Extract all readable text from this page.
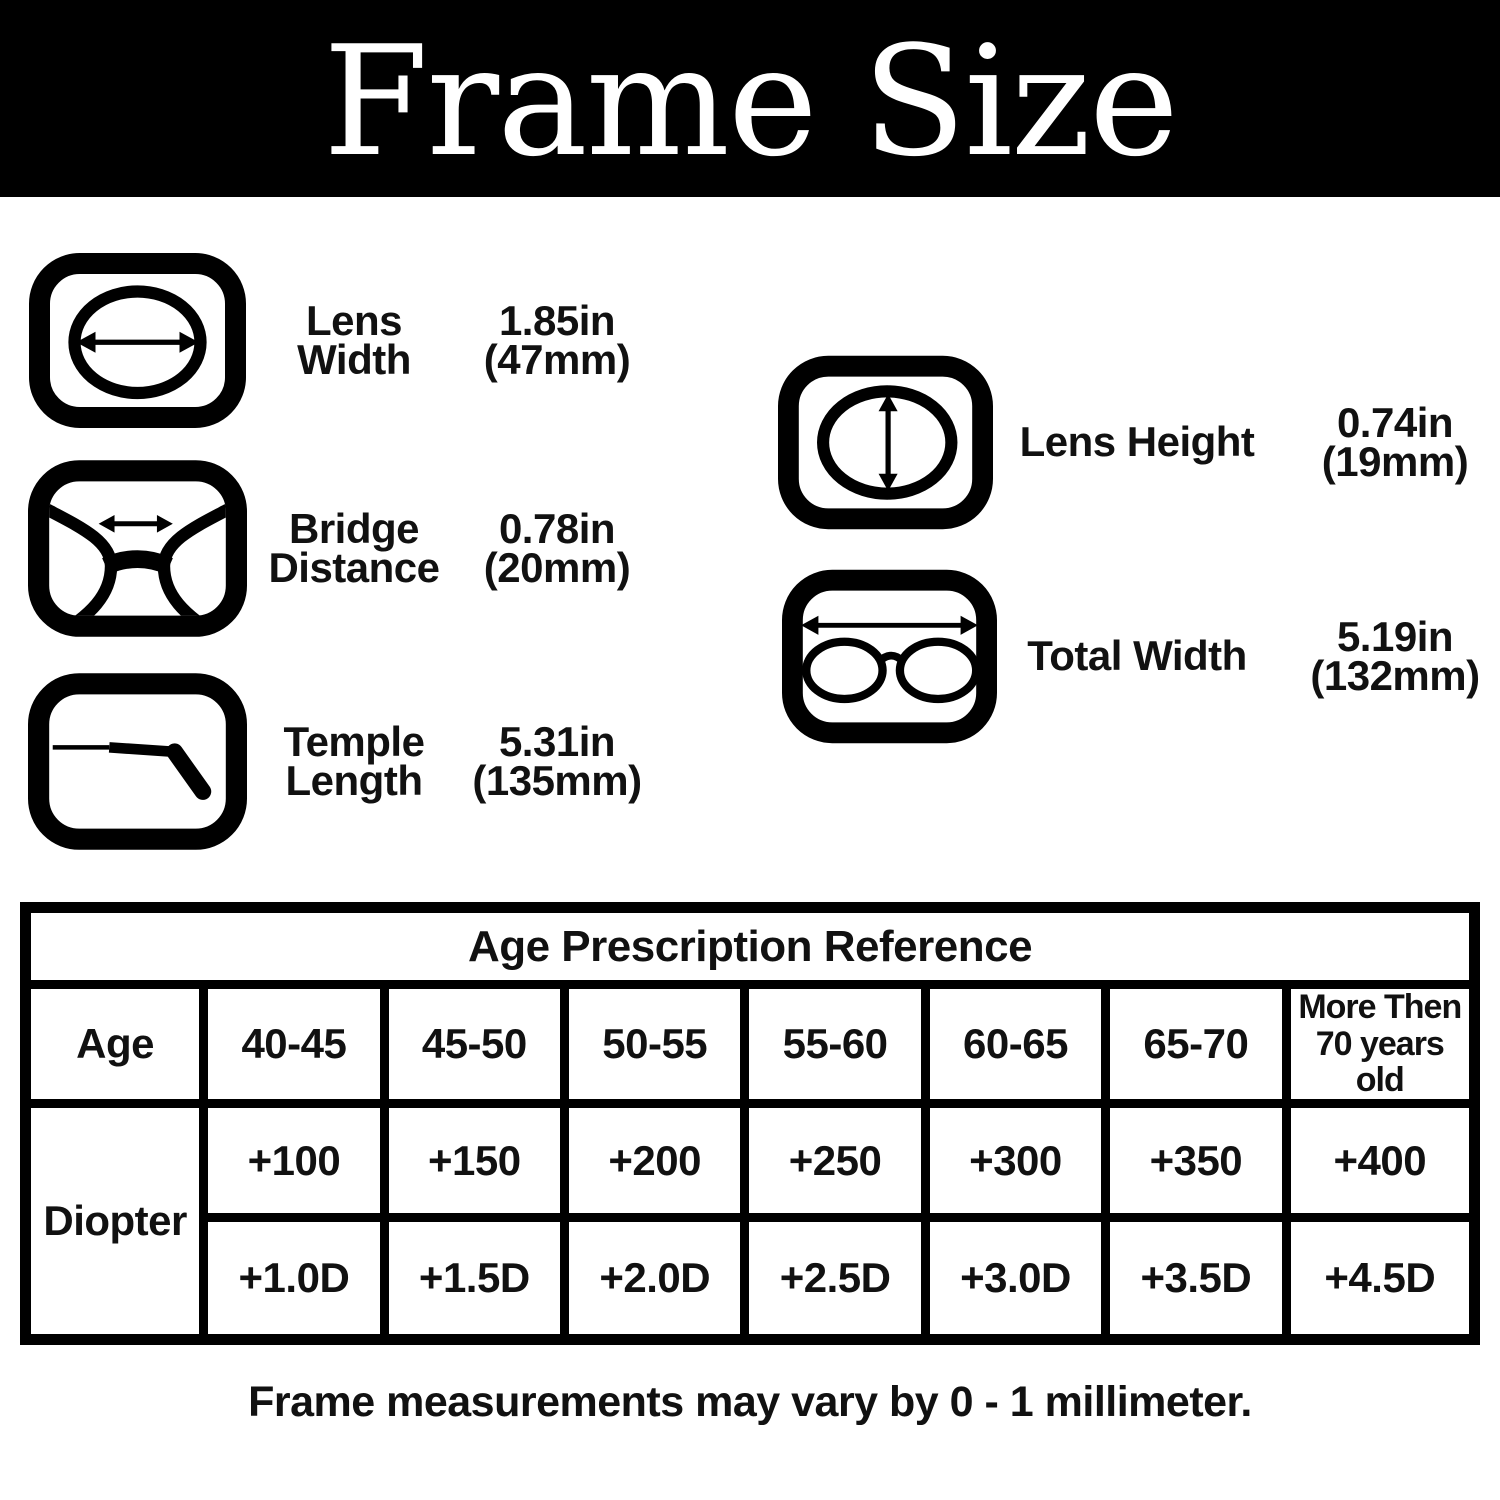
Frame Size
Lens Width
1.85in
(47mm)
Bridge Distance
0.78in
(20mm)
Temple Length
5.31in
(135mm)
Lens Height 0.74in
(19mm)
Total Width 5.19in
(132mm)
Age Prescription Reference							
Age	40-45	45-50	50-55	55-60	60-65	65-70	More Then 70 years old
Diopter	+100	+150	+200	+250	+300	+350	+400
	+1.0D	+1.5D	+2.0D	+2.5D	+3.0D	+3.5D	+4.5D

Frame measurements may vary by 0 - 1 millimeter.
